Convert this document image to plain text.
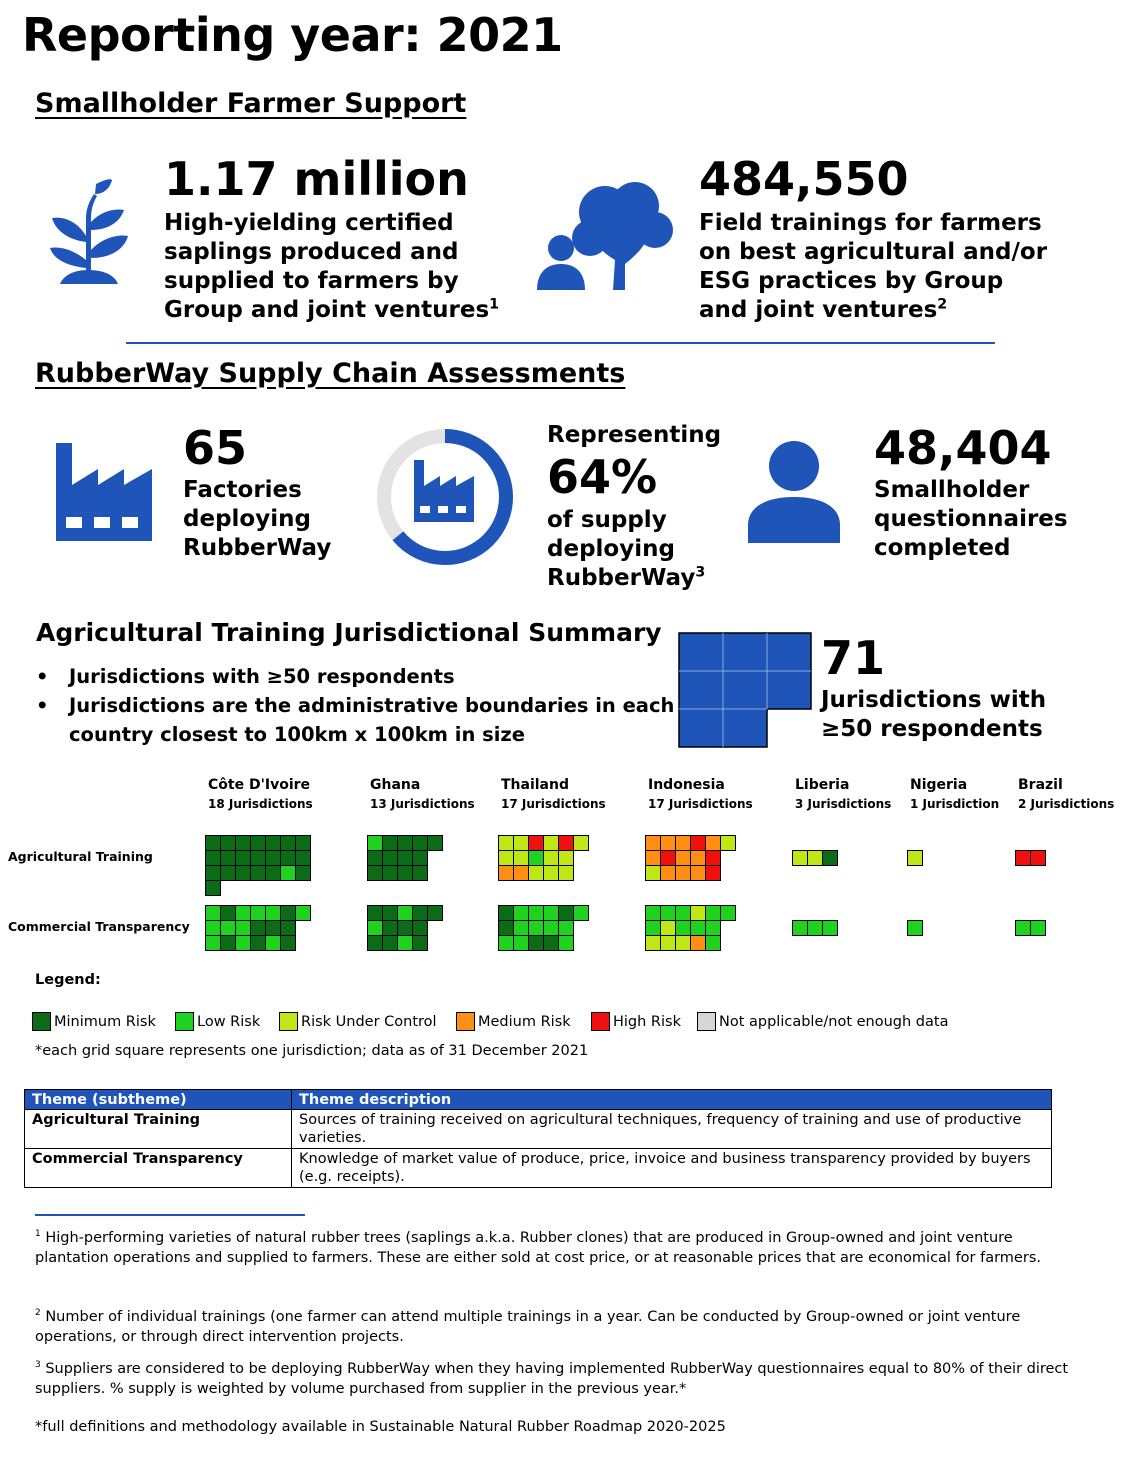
Reporting year: 2021
Smallholder Farmer Support
1.17 million
High-yielding certified
saplings produced and
supplied to farmers by
Group and joint ventures$^1$
484,550
Field trainings for farmers
on best agricultural and/or
ESG practices by Group
and joint ventures$^2$
RubberWay Supply Chain Assessments
65
Factories
deploying
RubberWay
Representing
64%
of supply
deploying
RubberWay$^3$
48,404
Smallholder
questionnaires
completed
Agricultural Training Jurisdictional Summary
•	Jurisdictions with ≥50 respondents
•	Jurisdictions are the administrative boundaries in each
country closest to 100km x 100km in size
71
Jurisdictions with
≥50 respondents
Agricultural Training
Commercial Transparency
Côte D'Ivoire
18 Jurisdictions
Ghana
13 Jurisdictions
Thailand
17 Jurisdictions
Indonesia
17 Jurisdictions
Liberia
3 Jurisdictions
Nigeria
1 Jurisdiction
Brazil
2 Jurisdictions
Legend:
Minimum Risk	Low Risk	Risk Under Control	Medium Risk	High Risk	Not applicable/not enough data
*each grid square represents one jurisdiction; data as of 31 December 2021
Theme (subtheme)	Theme description
Agricultural Training	Sources of training received on agricultural techniques, frequency of training and use of productive varieties.
Commercial Transparency	Knowledge of market value of produce, price, invoice and business transparency provided by buyers (e.g. receipts).
$^1$ High-performing varieties of natural rubber trees (saplings a.k.a. Rubber clones) that are produced in Group-owned and joint venture plantation operations and supplied to farmers. These are either sold at cost price, or at reasonable prices that are economical for farmers.
$^2$ Number of individual trainings (one farmer can attend multiple trainings in a year. Can be conducted by Group-owned or joint venture operations, or through direct intervention projects.
$^3$ Suppliers are considered to be deploying RubberWay when they having implemented RubberWay questionnaires equal to 80% of their direct suppliers. % supply is weighted by volume purchased from supplier in the previous year.*
*full definitions and methodology available in Sustainable Natural Rubber Roadmap 2020-2025
